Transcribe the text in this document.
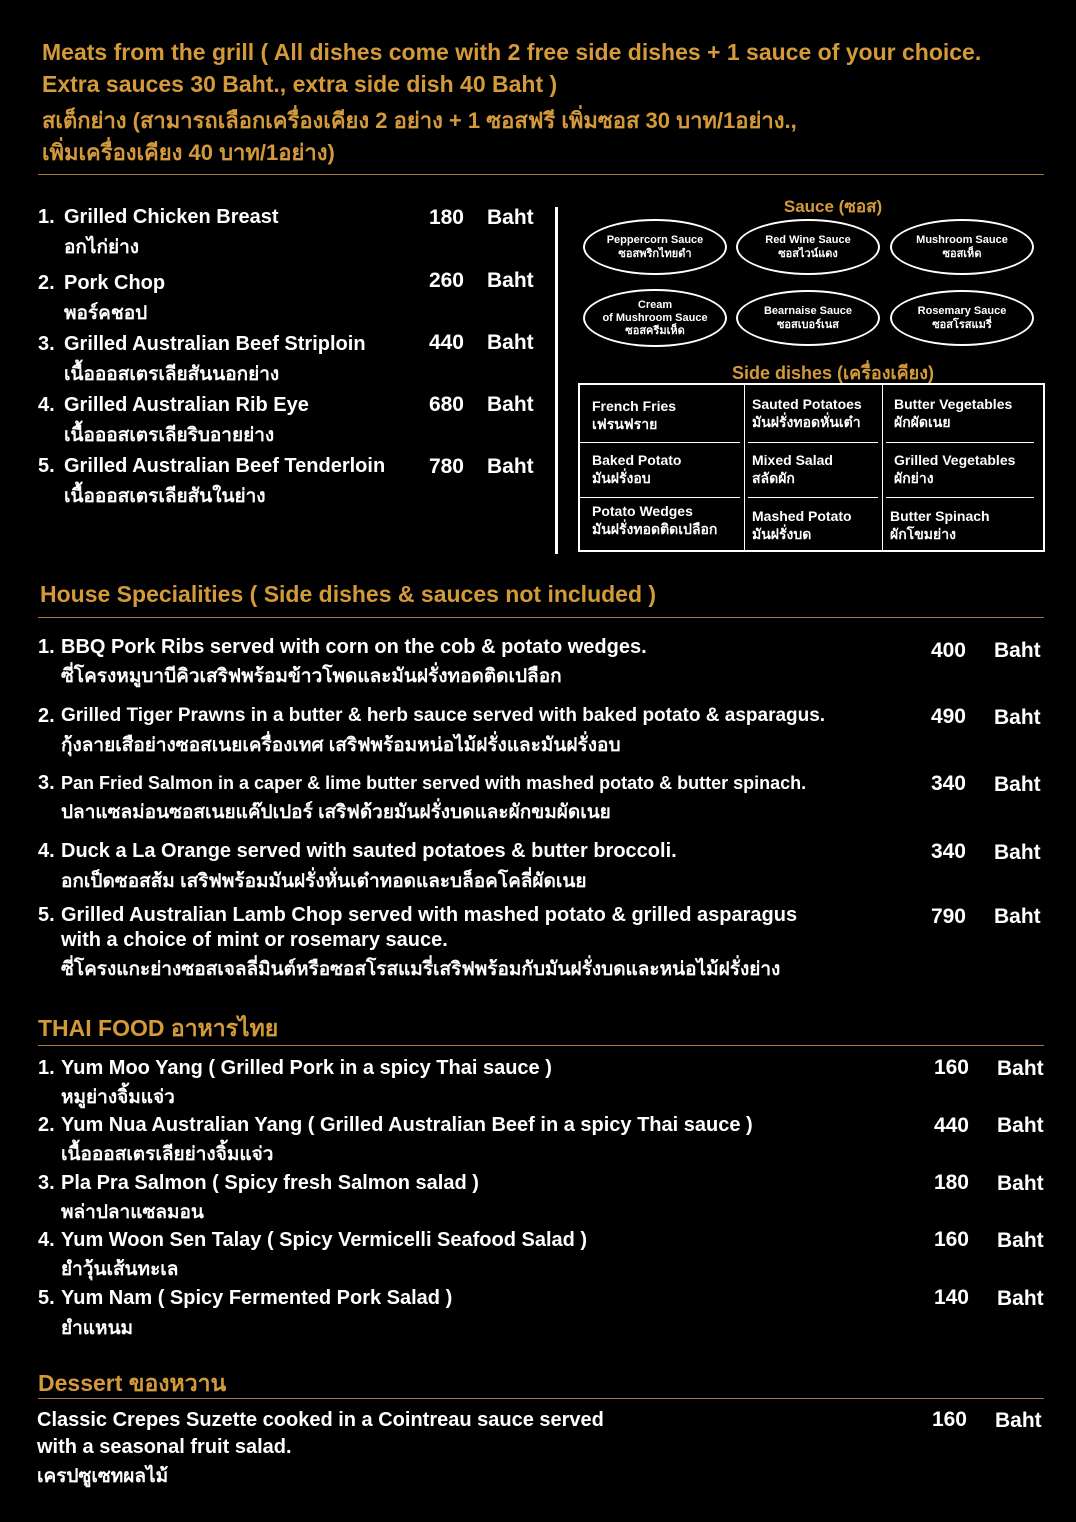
Meats from the grill ( All dishes come with 2 free side dishes + 1 sauce of your choice.
Extra sauces 30 Baht., extra side dish 40 Baht )
สเต็กย่าง (สามารถเลือกเครื่องเคียง 2 อย่าง + 1 ซอสฟรี เพิ่มซอส 30 บาท/1อย่าง.,
เพิ่มเครื่องเคียง 40 บาท/1อย่าง)
1. Grilled Chicken Breast
อกไก่ย่าง
180 Baht
2. Pork Chop
พอร์คชอป
260 Baht
3. Grilled Australian Beef Striploin
เนื้อออสเตรเลียสันนอกย่าง
440 Baht
4. Grilled Australian Rib Eye
เนื้อออสเตรเลียริบอายย่าง
680 Baht
5. Grilled Australian Beef Tenderloin
เนื้อออสเตรเลียสันในย่าง
780 Baht
Sauce (ซอส)
Peppercorn Sauce
ซอสพริกไทยดำ
Red Wine Sauce
ซอสไวน์แดง
Mushroom Sauce
ซอสเห็ด
Cream
of Mushroom Sauce
ซอสครีมเห็ด
Bearnaise Sauce
ซอสเบอร์เนส
Rosemary Sauce
ซอสโรสแมรี่
Side dishes (เครื่องเคียง)
French Fries
เฟรนฟราย
Sauted Potatoes
มันฝรั่งทอดหั่นเต๋า
Butter Vegetables
ผักผัดเนย
Baked Potato
มันฝรั่งอบ
Mixed Salad
สลัดผัก
Grilled Vegetables
ผักย่าง
Potato Wedges
มันฝรั่งทอดติดเปลือก
Mashed Potato
มันฝรั่งบด
Butter Spinach
ผักโขมย่าง
House Specialities ( Side dishes & sauces not included )
1. BBQ Pork Ribs served with corn on the cob & potato wedges.
ซี่โครงหมูบาบีคิวเสริฟพร้อมข้าวโพดและมันฝรั่งทอดติดเปลือก
400 Baht
2. Grilled Tiger Prawns in a butter & herb sauce served with baked potato & asparagus.
กุ้งลายเสือย่างซอสเนยเครื่องเทศ เสริฟพร้อมหน่อไม้ฝรั่งและมันฝรั่งอบ
490 Baht
3. Pan Fried Salmon in a caper & lime butter served with mashed potato & butter spinach.
ปลาแซลม่อนซอสเนยแค๊ปเปอร์ เสริฟด้วยมันฝรั่งบดและผักขมผัดเนย
340 Baht
4. Duck a La Orange served with sauted potatoes & butter broccoli.
อกเป็ดซอสส้ม เสริฟพร้อมมันฝรั่งหั่นเต๋าทอดและบล็อคโคลี่ผัดเนย
340 Baht
5. Grilled Australian Lamb Chop served with mashed potato & grilled asparagus
with a choice of mint or rosemary sauce.
ซี่โครงแกะย่างซอสเจลลี่มินต์หรือซอสโรสแมรี่เสริฟพร้อมกับมันฝรั่งบดและหน่อไม้ฝรั่งย่าง
790 Baht
THAI FOOD อาหารไทย
1. Yum Moo Yang ( Grilled Pork in a spicy Thai sauce )
หมูย่างจิ้มแจ่ว
160 Baht
2. Yum Nua Australian Yang ( Grilled Australian Beef in a spicy Thai sauce )
เนื้อออสเตรเลียย่างจิ้มแจ่ว
440 Baht
3. Pla Pra Salmon ( Spicy fresh Salmon salad )
พล่าปลาแซลมอน
180 Baht
4. Yum Woon Sen Talay ( Spicy Vermicelli Seafood Salad )
ยำวุ้นเส้นทะเล
160 Baht
5. Yum Nam ( Spicy Fermented Pork Salad )
ยำแหนม
140 Baht
Dessert ของหวาน
Classic Crepes Suzette cooked in a Cointreau sauce served
with a seasonal fruit salad.
เครปซูเซทผลไม้
160 Baht
